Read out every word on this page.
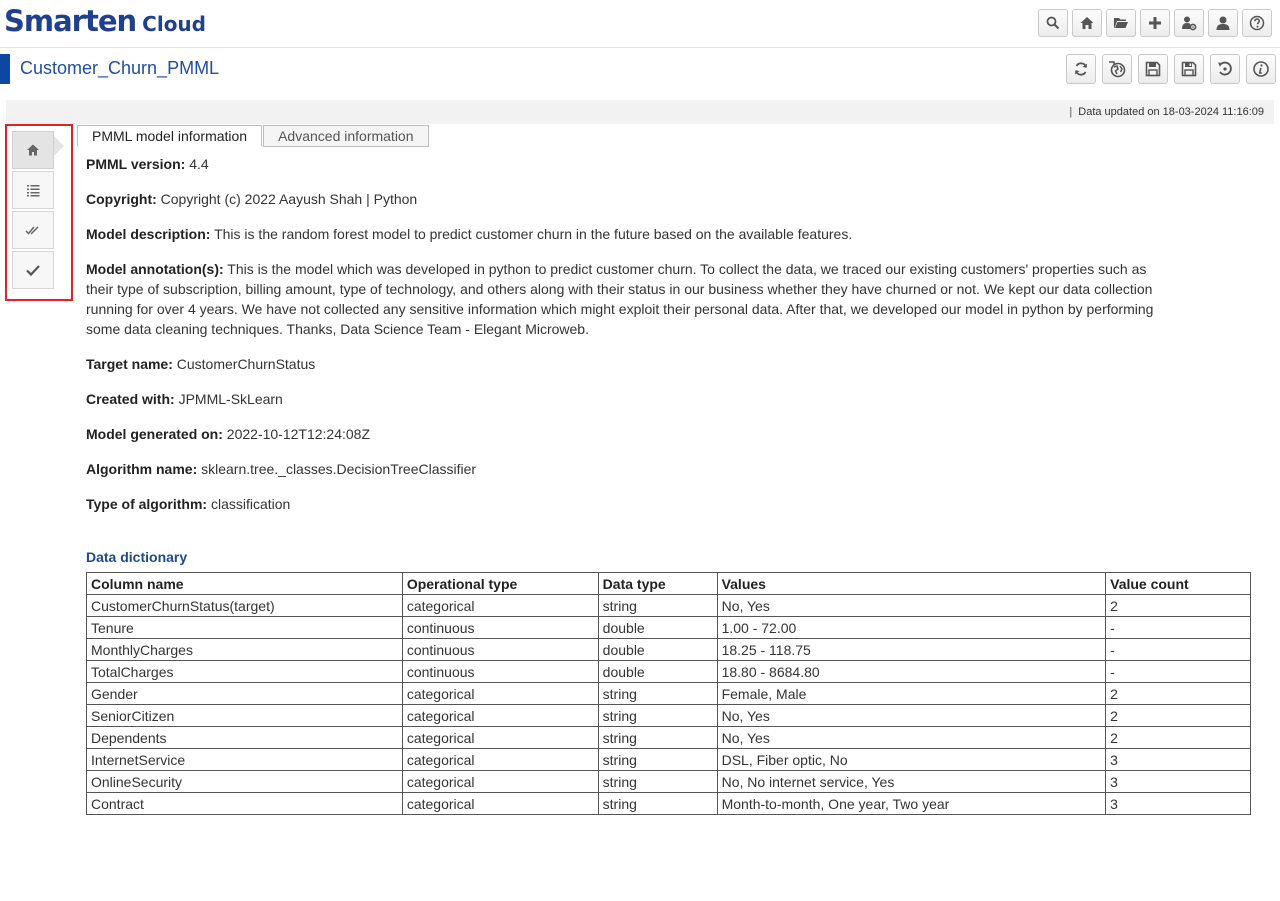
Smarten Cloud
Customer_Churn_PMML
| Data updated on 18-03-2024 11:16:09
PMML model information	Advanced information
PMML version: 4.4
Copyright: Copyright (c) 2022 Aayush Shah | Python
Model description: This is the random forest model to predict customer churn in the future based on the available features.
Model annotation(s): This is the model which was developed in python to predict customer churn. To collect the data, we traced our existing customers' properties such as their type of subscription, billing amount, type of technology, and others along with their status in our business whether they have churned or not. We kept our data collection running for over 4 years. We have not collected any sensitive information which might exploit their personal data. After that, we developed our model in python by performing some data cleaning techniques. Thanks, Data Science Team - Elegant Microweb.
Target name: CustomerChurnStatus
Created with: JPMML-SkLearn
Model generated on: 2022-10-12T12:24:08Z
Algorithm name: sklearn.tree._classes.DecisionTreeClassifier
Type of algorithm: classification
Data dictionary
Column name	Operational type	Data type	Values	Value count
CustomerChurnStatus(target)	categorical	string	No, Yes	2
Tenure	continuous	double	1.00 - 72.00	-
MonthlyCharges	continuous	double	18.25 - 118.75	-
TotalCharges	continuous	double	18.80 - 8684.80	-
Gender	categorical	string	Female, Male	2
SeniorCitizen	categorical	string	No, Yes	2
Dependents	categorical	string	No, Yes	2
InternetService	categorical	string	DSL, Fiber optic, No	3
OnlineSecurity	categorical	string	No, No internet service, Yes	3
Contract	categorical	string	Month-to-month, One year, Two year	3
